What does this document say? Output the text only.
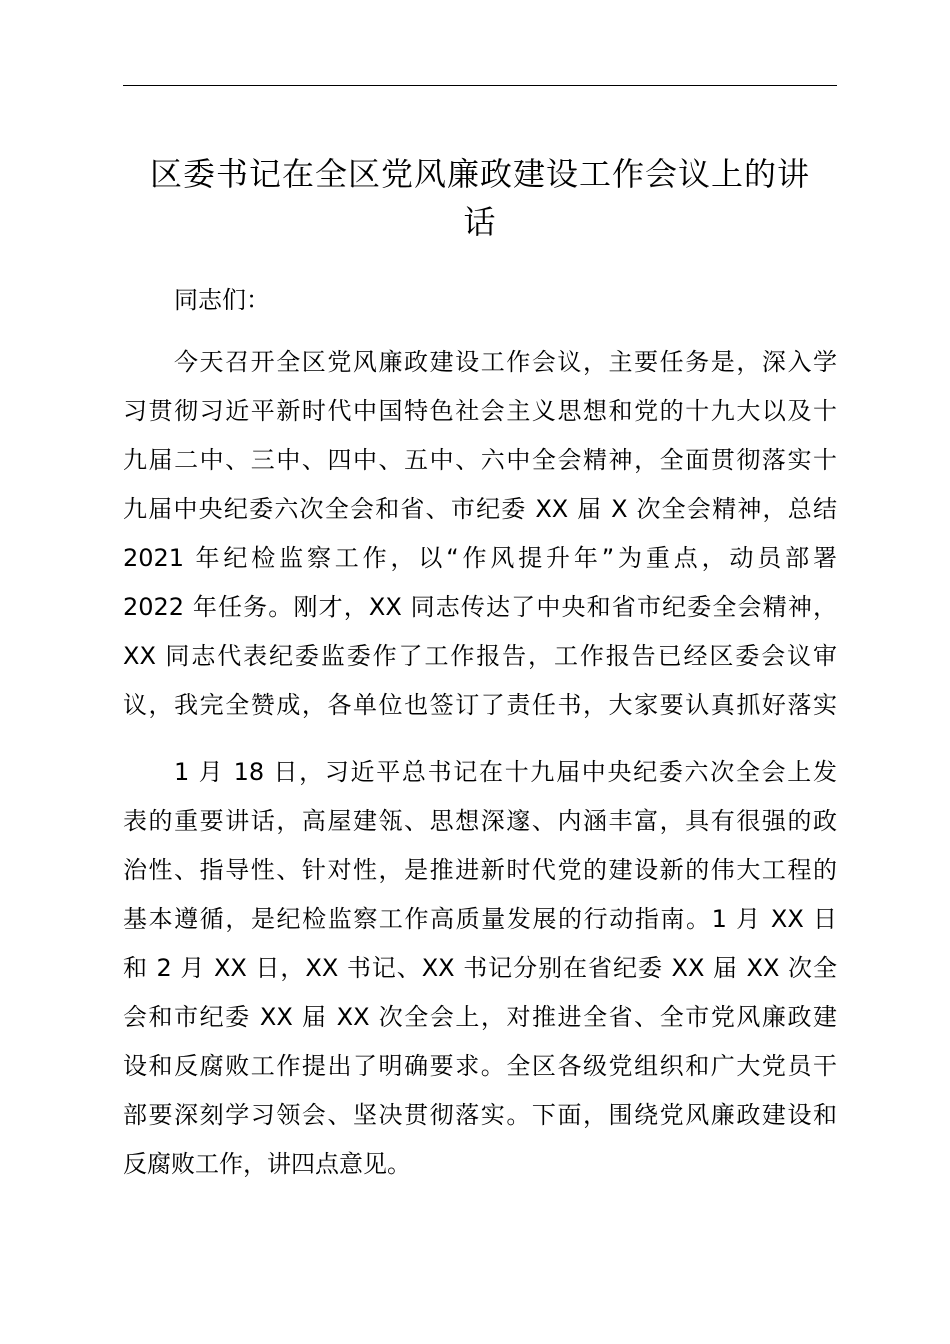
区委书记在全区党风廉政建设工作会议上的讲
话
同志们：
今天召开全区党风廉政建设工作会议，主要任务是，深入学
习贯彻习近平新时代中国特色社会主义思想和党的十九大以及十
九届二中、三中、四中、五中、六中全会精神，全面贯彻落实十
九届中央纪委六次全会和省、市纪委 XX 届 X 次全会精神，总结
2021 年纪检监察工作，以“作风提升年”为重点，动员部署
2022 年任务。刚才，XX 同志传达了中央和省市纪委全会精神，
XX 同志代表纪委监委作了工作报告，工作报告已经区委会议审
议，我完全赞成，各单位也签订了责任书，大家要认真抓好落实
1 月 18 日，习近平总书记在十九届中央纪委六次全会上发
表的重要讲话，高屋建瓴、思想深邃、内涵丰富，具有很强的政
治性、指导性、针对性，是推进新时代党的建设新的伟大工程的
基本遵循，是纪检监察工作高质量发展的行动指南。1 月 XX 日
和 2 月 XX 日，XX 书记、XX 书记分别在省纪委 XX 届 XX 次全
会和市纪委 XX 届 XX 次全会上，对推进全省、全市党风廉政建
设和反腐败工作提出了明确要求。全区各级党组织和广大党员干
部要深刻学习领会、坚决贯彻落实。下面，围绕党风廉政建设和
反腐败工作，讲四点意见。
